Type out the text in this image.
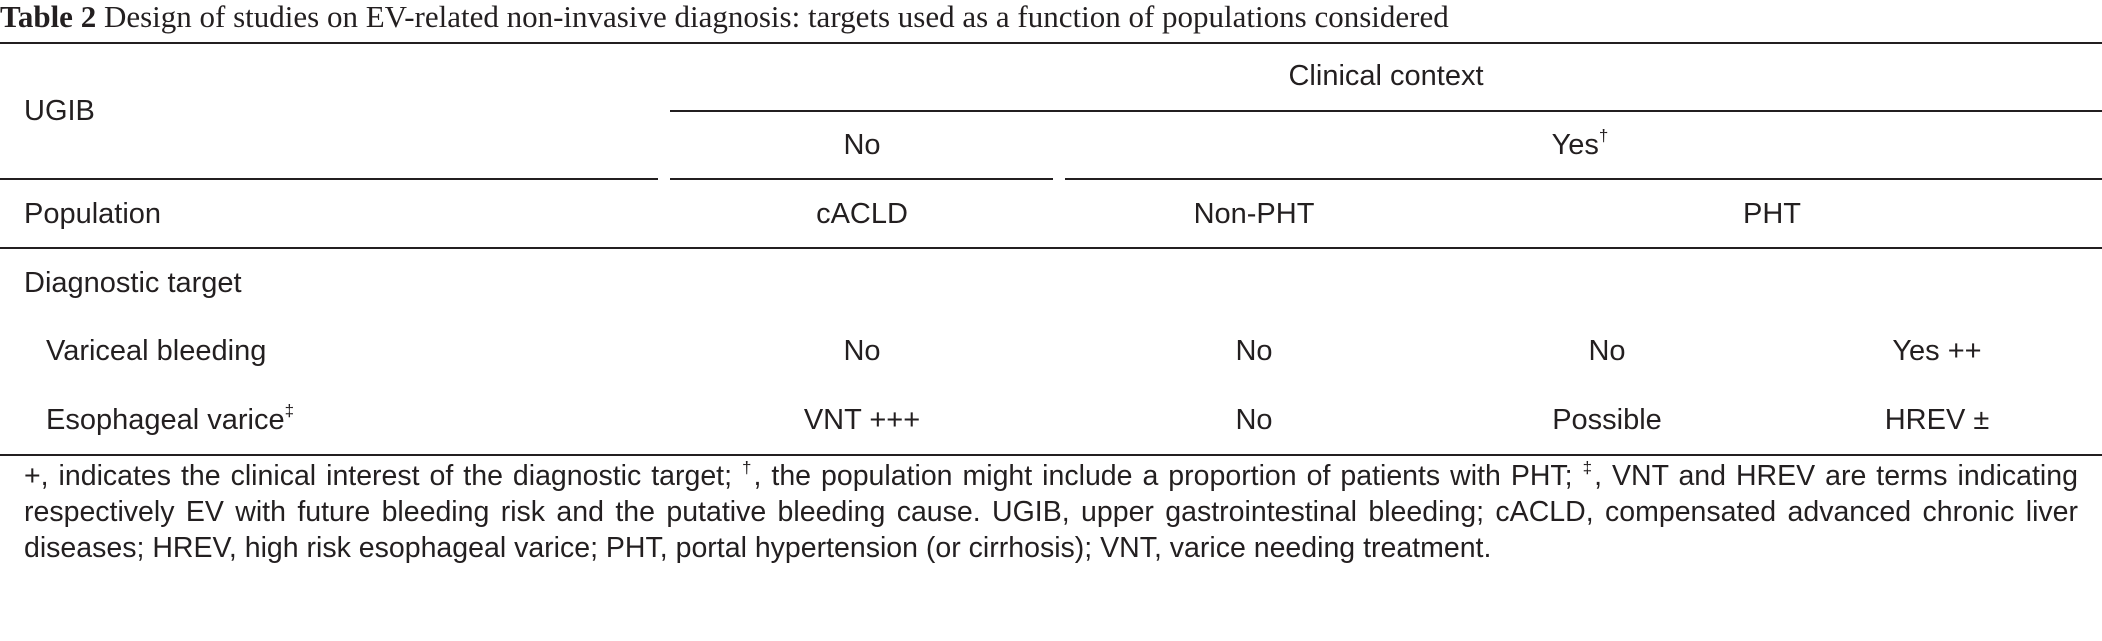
Table 2 Design of studies on EV-related non-invasive diagnosis: targets used as a function of populations considered
UGIB
Clinical context
No	Yes†
Population	cACLD	Non-PHT	PHT
Diagnostic target
Variceal bleeding	No	No	No	Yes ++
Esophageal varice‡	VNT +++	No	Possible	HREV ±
+, indicates the clinical interest of the diagnostic target; †, the population might include a proportion of patients with PHT; ‡, VNT and HREV are terms indicating respectively EV with future bleeding risk and the putative bleeding cause. UGIB, upper gastrointestinal bleeding; cACLD, compensated advanced chronic liver diseases; HREV, high risk esophageal varice; PHT, portal hypertension (or cirrhosis); VNT, varice needing treatment.
